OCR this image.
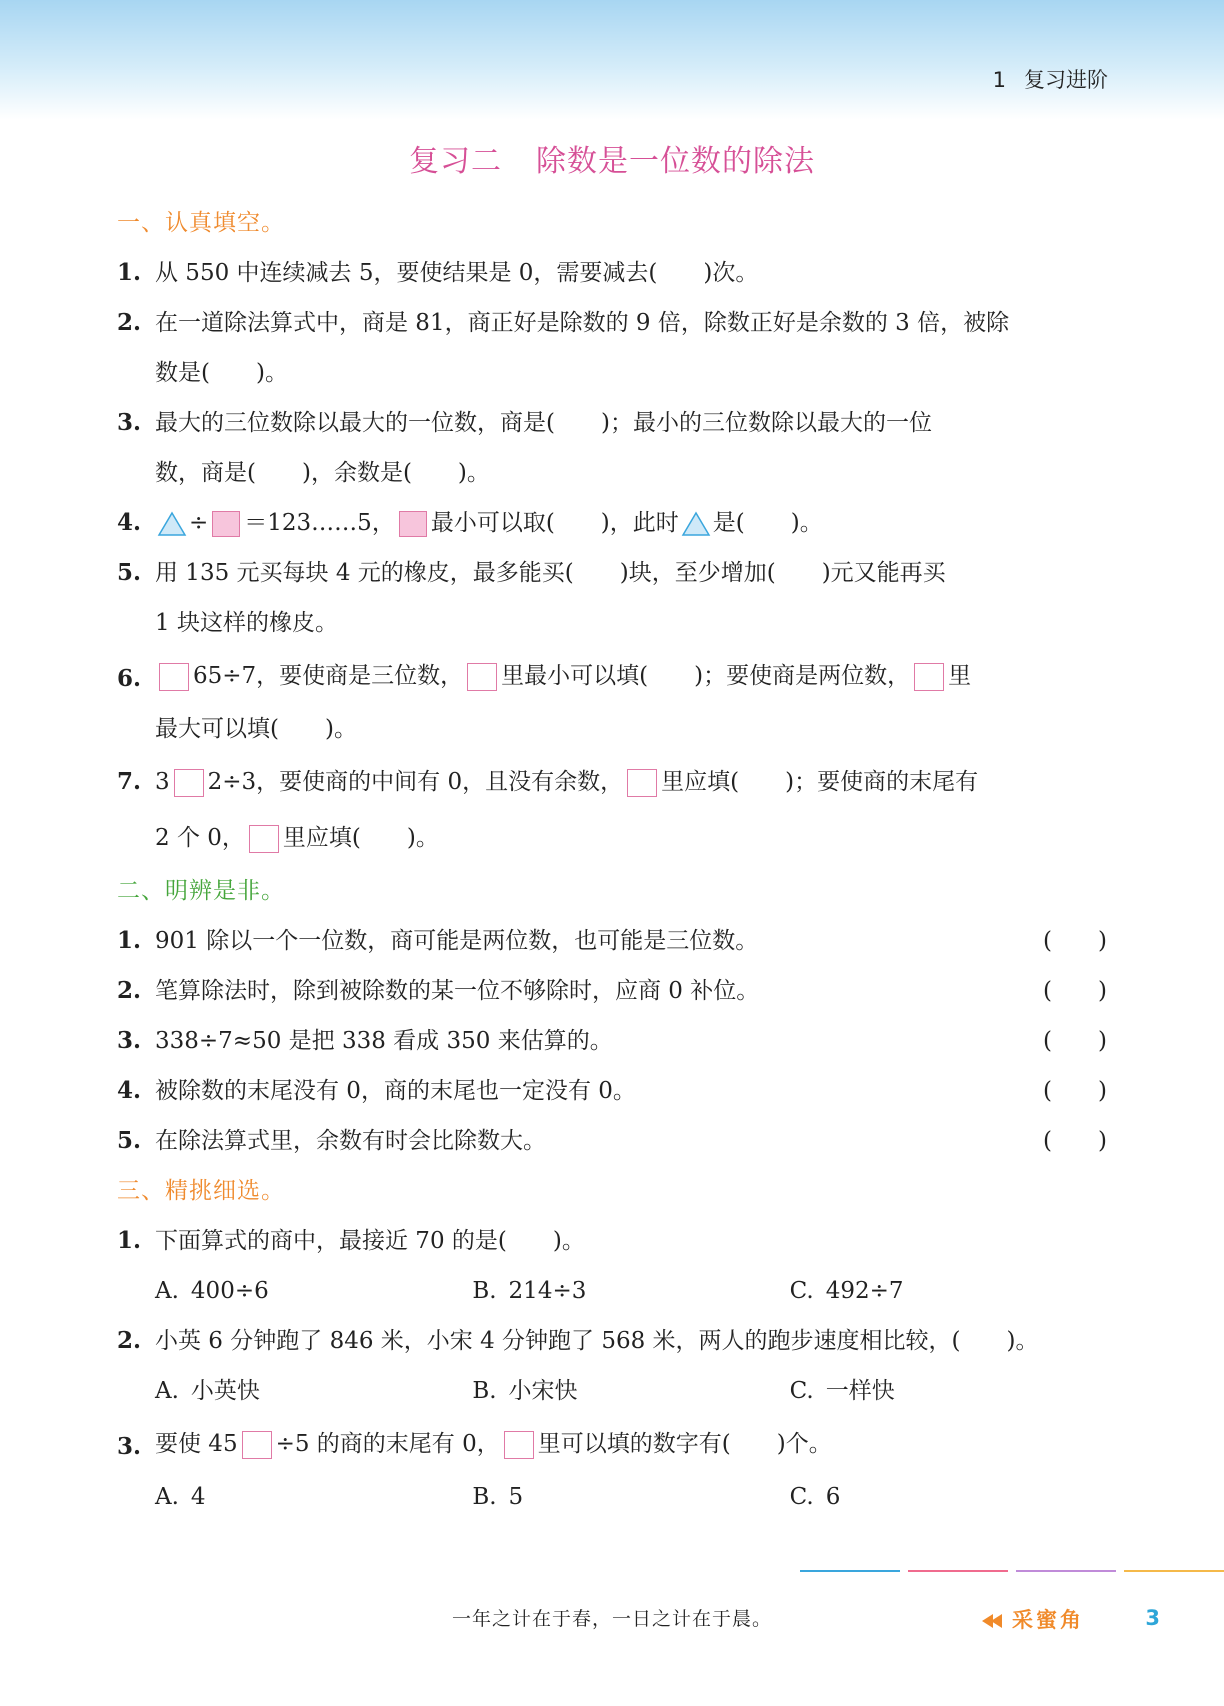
1 复习进阶
复习二 除数是一位数的除法
一、认真填空。
1. 从 550 中连续减去 5，要使结果是 0，需要减去(　　)次。
2. 在一道除法算式中，商是 81，商正好是除数的 9 倍，除数正好是余数的 3 倍，被除
数是(　　)。
3. 最大的三位数除以最大的一位数，商是(　　)；最小的三位数除以最大的一位
数，商是(　　)，余数是(　　)。
4.	÷ ＝123……5， 最小可以取(　　)，此时 是(　　)。
5. 用 135 元买每块 4 元的橡皮，最多能买(　　)块，至少增加(　　)元又能再买
1 块这样的橡皮。
6.	65÷7，要使商是三位数， 里最小可以填(　　)；要使商是两位数， 里
最大可以填(　　)。
7. 3 2÷3，要使商的中间有 0，且没有余数， 里应填(　　)；要使商的末尾有
2 个 0， 里应填(　　)。
二、明辨是非。
1. 901 除以一个一位数，商可能是两位数，也可能是三位数。	(　　)
2. 笔算除法时，除到被除数的某一位不够除时，应商 0 补位。	(　　)
3. 338÷7≈50 是把 338 看成 350 来估算的。	(　　)
4. 被除数的末尾没有 0，商的末尾也一定没有 0。	(　　)
5. 在除法算式里，余数有时会比除数大。	(　　)
三、精挑细选。
1. 下面算式的商中，最接近 70 的是(　　)。
A. 400÷6	B. 214÷3	C. 492÷7
2. 小英 6 分钟跑了 846 米，小宋 4 分钟跑了 568 米，两人的跑步速度相比较，(　　)。
A. 小英快	B. 小宋快	C. 一样快
3. 要使 45 ÷5 的商的末尾有 0， 里可以填的数字有(　　)个。
A. 4	B. 5	C. 6
一年之计在于春，一日之计在于晨。	采蜜角	3
